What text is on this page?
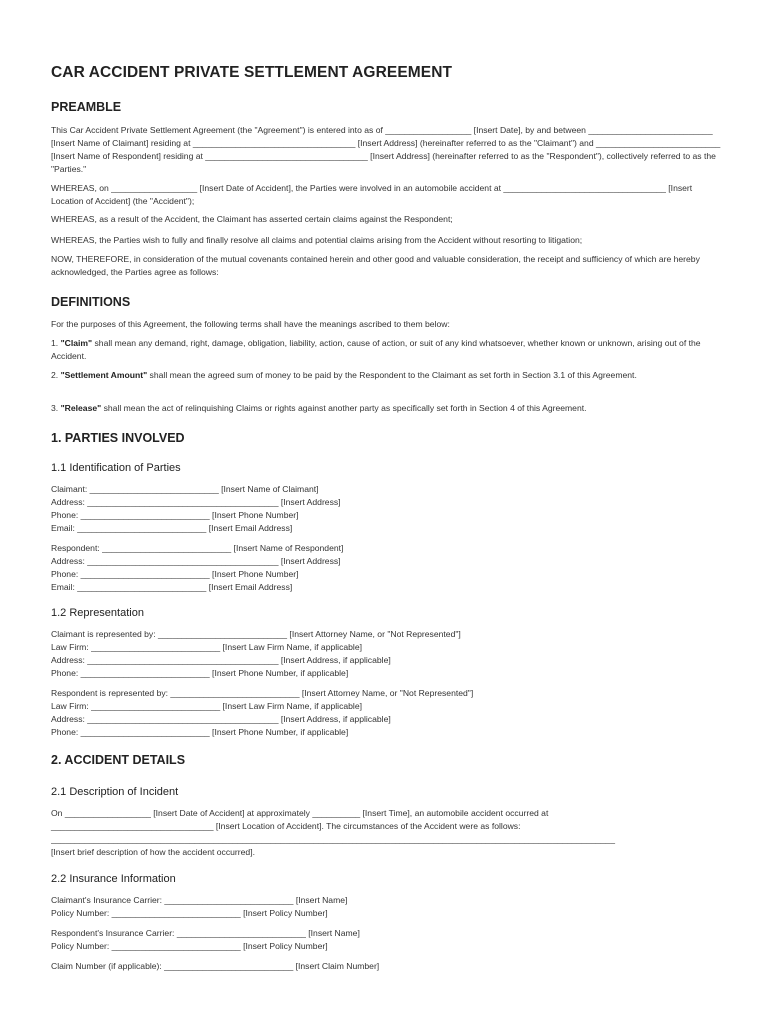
CAR ACCIDENT PRIVATE SETTLEMENT AGREEMENT
PREAMBLE
This Car Accident Private Settlement Agreement (the "Agreement") is entered into as of __________________ [Insert Date], by and between __________________________ [Insert Name of Claimant] residing at __________________________________ [Insert Address] (hereinafter referred to as the "Claimant") and __________________________ [Insert Name of Respondent] residing at __________________________________ [Insert Address] (hereinafter referred to as the "Respondent"), collectively referred to as the "Parties."
WHEREAS, on __________________ [Insert Date of Accident], the Parties were involved in an automobile accident at __________________________________ [Insert Location of Accident] (the "Accident");
WHEREAS, as a result of the Accident, the Claimant has asserted certain claims against the Respondent;
WHEREAS, the Parties wish to fully and finally resolve all claims and potential claims arising from the Accident without resorting to litigation;
NOW, THEREFORE, in consideration of the mutual covenants contained herein and other good and valuable consideration, the receipt and sufficiency of which are hereby acknowledged, the Parties agree as follows:
DEFINITIONS
For the purposes of this Agreement, the following terms shall have the meanings ascribed to them below:
1. "Claim" shall mean any demand, right, damage, obligation, liability, action, cause of action, or suit of any kind whatsoever, whether known or unknown, arising out of the Accident.
2. "Settlement Amount" shall mean the agreed sum of money to be paid by the Respondent to the Claimant as set forth in Section 3.1 of this Agreement.
3. "Release" shall mean the act of relinquishing Claims or rights against another party as specifically set forth in Section 4 of this Agreement.
1. PARTIES INVOLVED
1.1 Identification of Parties
Claimant: ___________________________ [Insert Name of Claimant]
Address: ________________________________________ [Insert Address]
Phone: ___________________________ [Insert Phone Number]
Email: ___________________________ [Insert Email Address]
Respondent: ___________________________ [Insert Name of Respondent]
Address: ________________________________________ [Insert Address]
Phone: ___________________________ [Insert Phone Number]
Email: ___________________________ [Insert Email Address]
1.2 Representation
Claimant is represented by: ___________________________ [Insert Attorney Name, or "Not Represented"]
Law Firm: ___________________________ [Insert Law Firm Name, if applicable]
Address: ________________________________________ [Insert Address, if applicable]
Phone: ___________________________ [Insert Phone Number, if applicable]
Respondent is represented by: ___________________________ [Insert Attorney Name, or "Not Represented"]
Law Firm: ___________________________ [Insert Law Firm Name, if applicable]
Address: ________________________________________ [Insert Address, if applicable]
Phone: ___________________________ [Insert Phone Number, if applicable]
2. ACCIDENT DETAILS
2.1 Description of Incident
On __________________ [Insert Date of Accident] at approximately __________ [Insert Time], an automobile accident occurred at
__________________________________ [Insert Location of Accident]. The circumstances of the Accident were as follows:
______________________________________________________________________________________________________________________
[Insert brief description of how the accident occurred].
2.2 Insurance Information
Claimant's Insurance Carrier: ___________________________ [Insert Name]
Policy Number: ___________________________ [Insert Policy Number]
Respondent's Insurance Carrier: ___________________________ [Insert Name]
Policy Number: ___________________________ [Insert Policy Number]
Claim Number (if applicable): ___________________________ [Insert Claim Number]
